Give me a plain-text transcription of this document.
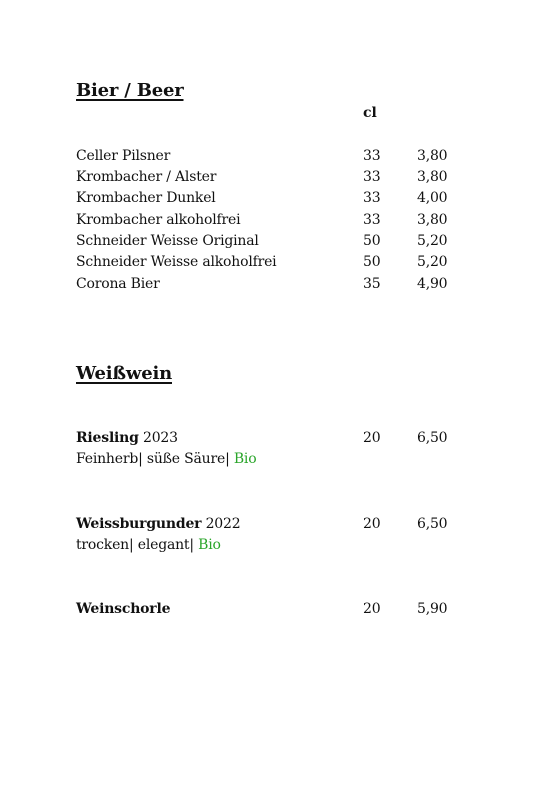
Bier / Beer
cl
Celler Pilsner	33	3,80
Krombacher / Alster	33	3,80
Krombacher Dunkel	33	4,00
Krombacher alkoholfrei	33	3,80
Schneider Weisse Original	50	5,20
Schneider Weisse alkoholfrei	50	5,20
Corona Bier	35	4,90
Weißwein
Riesling 2023	20	6,50
Feinherb| süße Säure| Bio
Weissburgunder 2022	20	6,50
trocken| elegant| Bio
Weinschorle	20	5,90
